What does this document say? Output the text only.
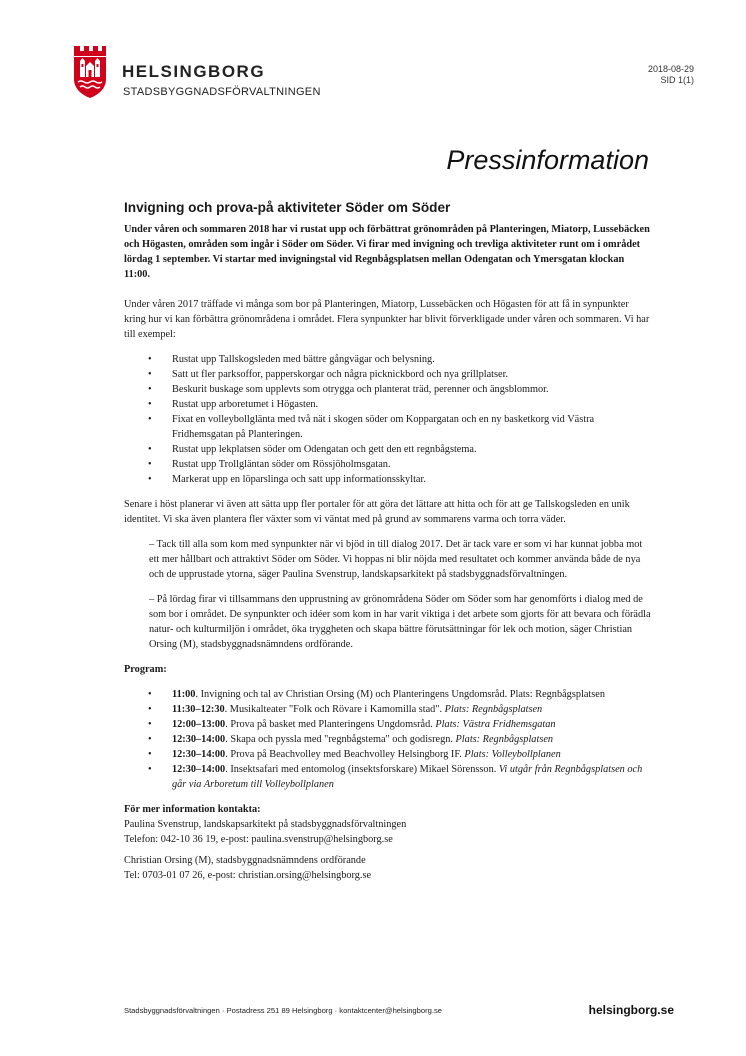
HELSINGBORG
STADSBYGGNADSFÖRVALTNINGEN
2018-08-29
SID 1(1)
Pressinformation
Invigning och prova-på aktiviteter Söder om Söder

Under våren och sommaren 2018 har vi rustat upp och förbättrat grönområden på Planteringen, Miatorp, Lussebäcken och Högasten, områden som ingår i Söder om Söder. Vi firar med invigning och trevliga aktiviteter runt om i området lördag 1 september. Vi startar med invigningstal vid Regnbågsplatsen mellan Odengatan och Ymersgatan klockan 11:00.

Under våren 2017 träffade vi många som bor på Planteringen, Miatorp, Lussebäcken och Högasten för att få in synpunkter kring hur vi kan förbättra grönområdena i området. Flera synpunkter har blivit förverkligade under våren och sommaren. Vi har till exempel:

• Rustat upp Tallskogsleden med bättre gångvägar och belysning.
• Satt ut fler parksoffor, papperskorgar och några picknickbord och nya grillplatser.
• Beskurit buskage som upplevts som otrygga och planterat träd, perenner och ängsblommor.
• Rustat upp arboretumet i Högasten.
• Fixat en volleybollglänta med två nät i skogen söder om Koppargatan och en ny basketkorg vid Västra Fridhemsgatan på Planteringen.
• Rustat upp lekplatsen söder om Odengatan och gett den ett regnbågstema.
• Rustat upp Trollgläntan söder om Rössjöholmsgatan.
• Markerat upp en löparslinga och satt upp informationsskyltar.

Senare i höst planerar vi även att sätta upp fler portaler för att göra det lättare att hitta och för att ge Tallskogsleden en unik identitet. Vi ska även plantera fler växter som vi väntat med på grund av sommarens varma och torra väder.

– Tack till alla som kom med synpunkter när vi bjöd in till dialog 2017. Det är tack vare er som vi har kunnat jobba mot ett mer hållbart och attraktivt Söder om Söder. Vi hoppas ni blir nöjda med resultatet och kommer använda både de nya och de upprustade ytorna, säger Paulina Svenstrup, landskapsarkitekt på stadsbyggnadsförvaltningen.

– På lördag firar vi tillsammans den upprustning av grönområdena Söder om Söder som har genomförts i dialog med de som bor i området. De synpunkter och idéer som kom in har varit viktiga i det arbete som gjorts för att bevara och förädla natur- och kulturmiljön i området, öka tryggheten och skapa bättre förutsättningar för lek och motion, säger Christian Orsing (M), stadsbyggnadsnämndens ordförande.

Program:
• 11:00. Invigning och tal av Christian Orsing (M) och Planteringens Ungdomsråd. Plats: Regnbågsplatsen
• 11:30–12:30. Musikalteater "Folk och Rövare i Kamomilla stad". Plats: Regnbågsplatsen
• 12:00–13:00. Prova på basket med Planteringens Ungdomsråd. Plats: Västra Fridhemsgatan
• 12:30–14:00. Skapa och pyssla med "regnbågstema" och godisregn. Plats: Regnbågsplatsen
• 12:30–14:00. Prova på Beachvolley med Beachvolley Helsingborg IF. Plats: Volleybollplanen
• 12:30–14:00. Insektsafari med entomolog (insektsforskare) Mikael Sörensson. Vi utgår från Regnbågsplatsen och går via Arboretum till Volleybollplanen
För mer information kontakta:
Paulina Svenstrup, landskapsarkitekt på stadsbyggnadsförvaltningen
Telefon: 042-10 36 19, e-post: paulina.svenstrup@helsingborg.se
Christian Orsing (M), stadsbyggnadsnämndens ordförande
Tel: 0703-01 07 26, e-post: christian.orsing@helsingborg.se
Stadsbyggnadsförvaltningen · Postadress 251 89 Helsingborg · kontaktcenter@helsingborg.se	helsingborg.se
